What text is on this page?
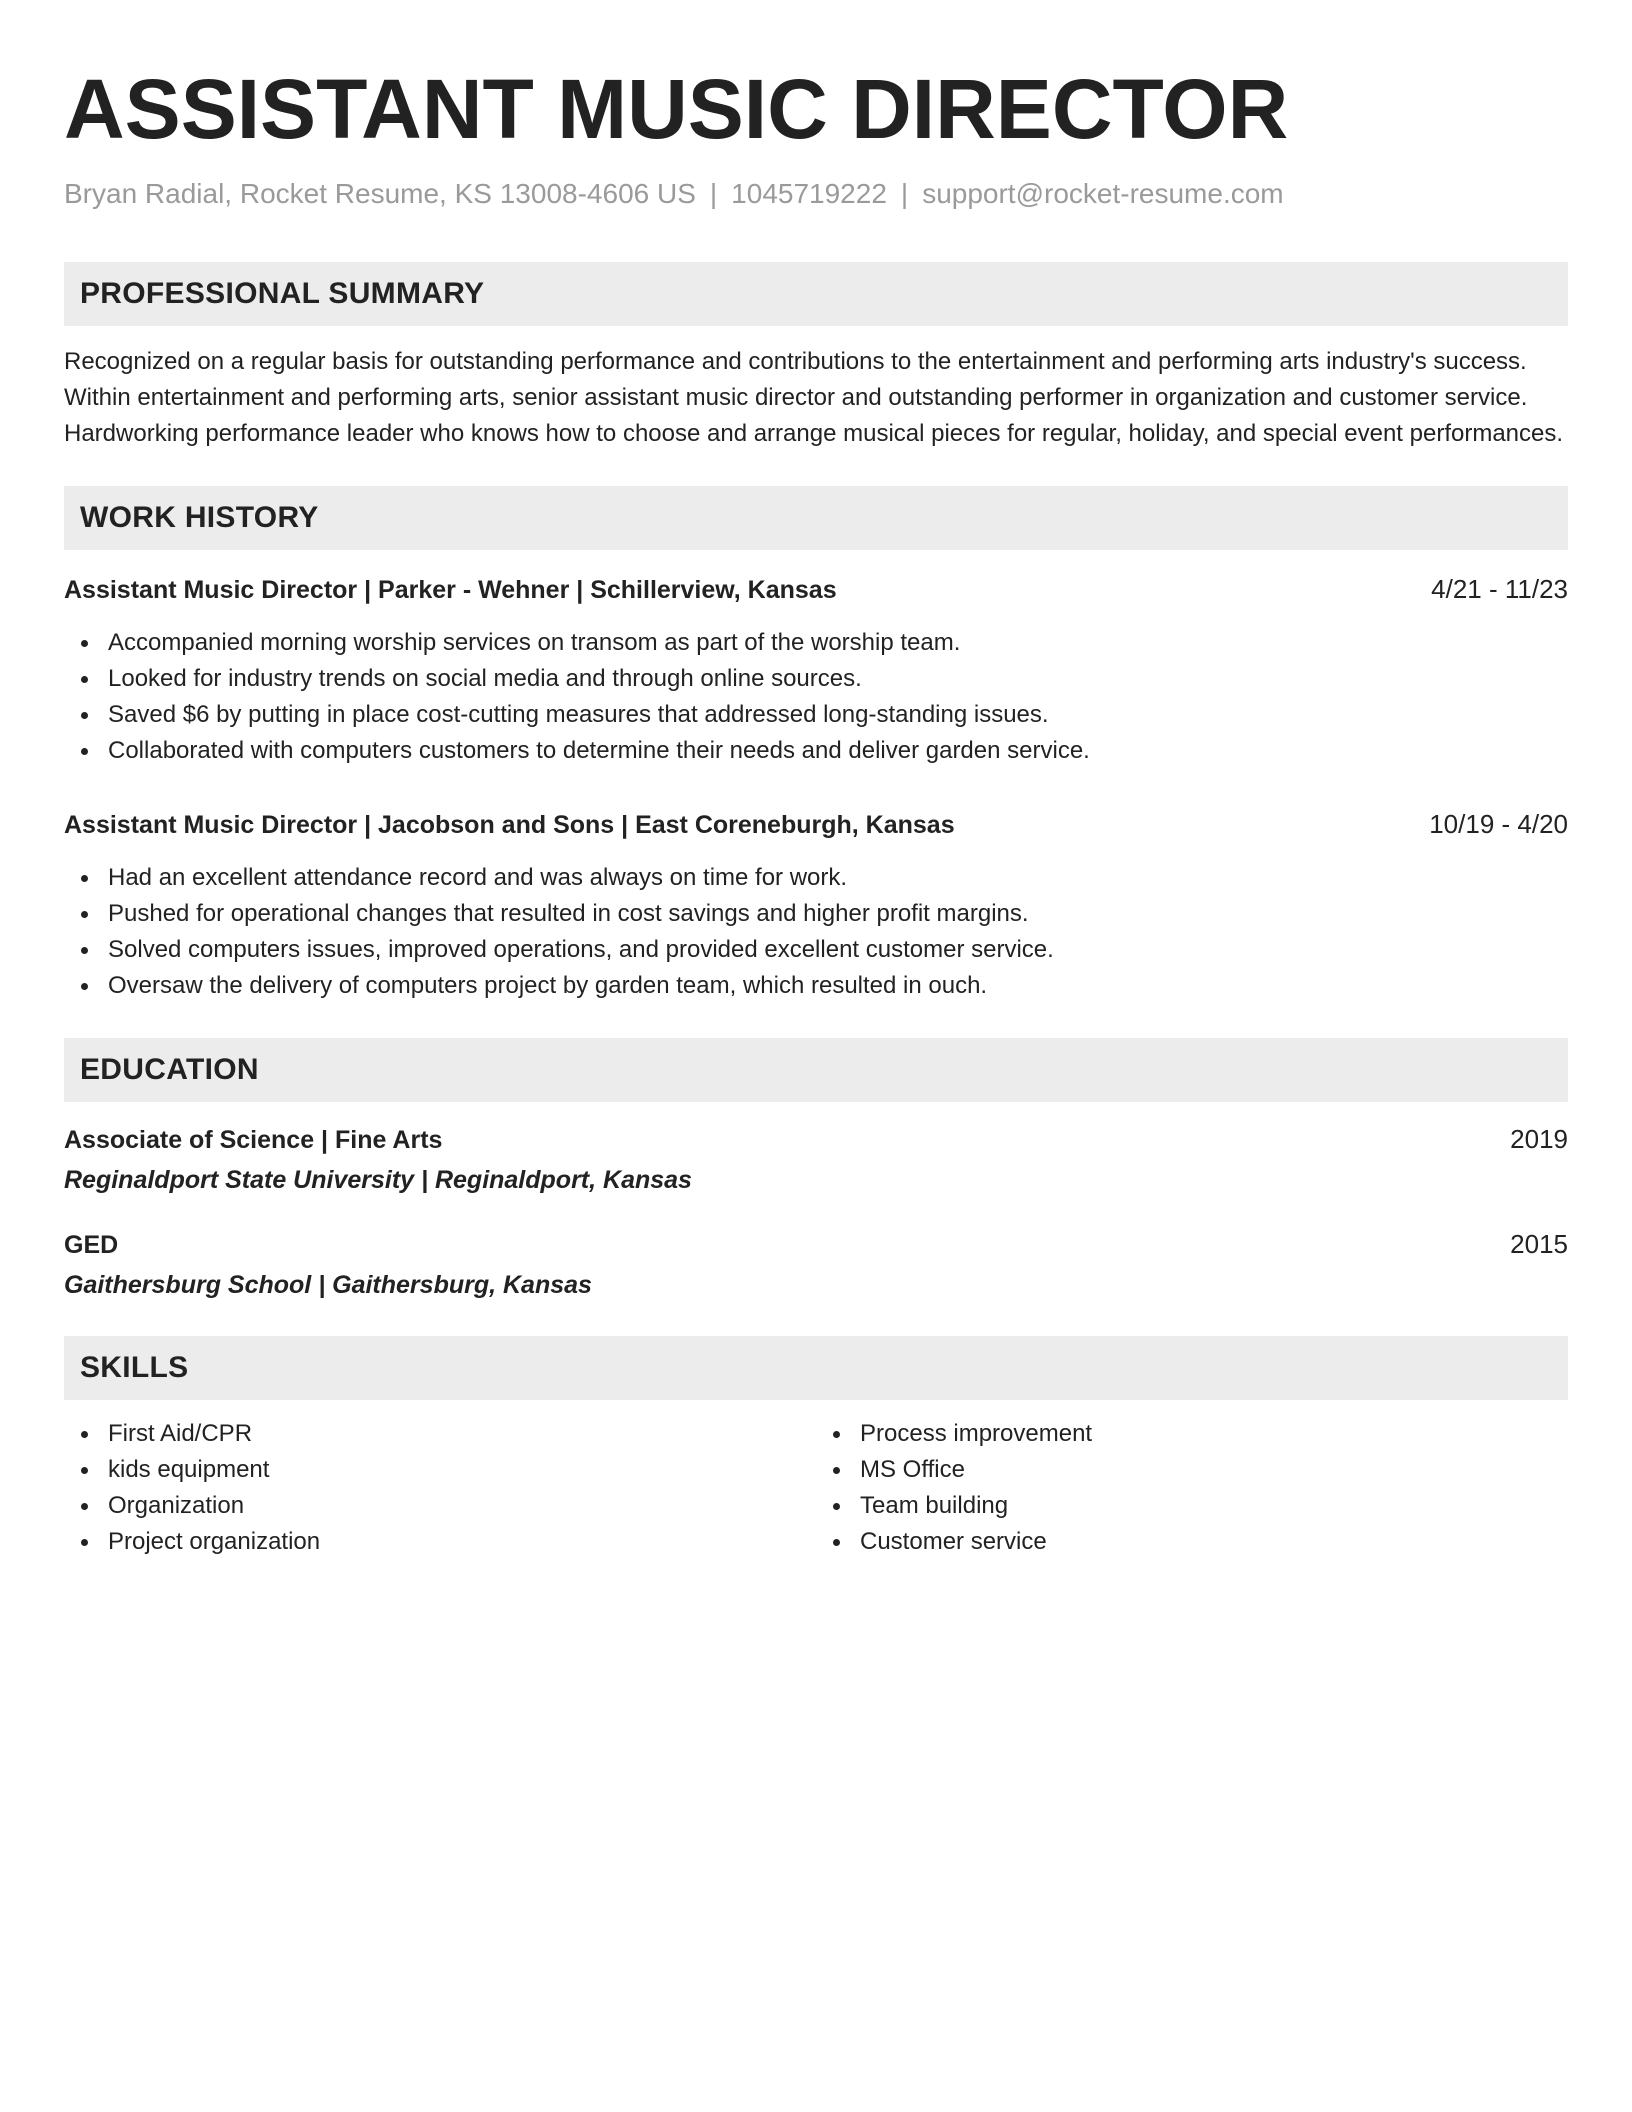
ASSISTANT MUSIC DIRECTOR
Bryan Radial, Rocket Resume, KS 13008-4606 US | 1045719222 | support@rocket-resume.com
PROFESSIONAL SUMMARY
Recognized on a regular basis for outstanding performance and contributions to the entertainment and performing arts industry's success. Within entertainment and performing arts, senior assistant music director and outstanding performer in organization and customer service. Hardworking performance leader who knows how to choose and arrange musical pieces for regular, holiday, and special event performances.
WORK HISTORY
Assistant Music Director | Parker - Wehner | Schillerview, Kansas	4/21 - 11/23
Accompanied morning worship services on transom as part of the worship team.
Looked for industry trends on social media and through online sources.
Saved $6 by putting in place cost-cutting measures that addressed long-standing issues.
Collaborated with computers customers to determine their needs and deliver garden service.
Assistant Music Director | Jacobson and Sons | East Coreneburgh, Kansas	10/19 - 4/20
Had an excellent attendance record and was always on time for work.
Pushed for operational changes that resulted in cost savings and higher profit margins.
Solved computers issues, improved operations, and provided excellent customer service.
Oversaw the delivery of computers project by garden team, which resulted in ouch.
EDUCATION
Associate of Science | Fine Arts	2019
Reginaldport State University | Reginaldport, Kansas
GED	2015
Gaithersburg School | Gaithersburg, Kansas
SKILLS
First Aid/CPR
kids equipment
Organization
Project organization
Process improvement
MS Office
Team building
Customer service
